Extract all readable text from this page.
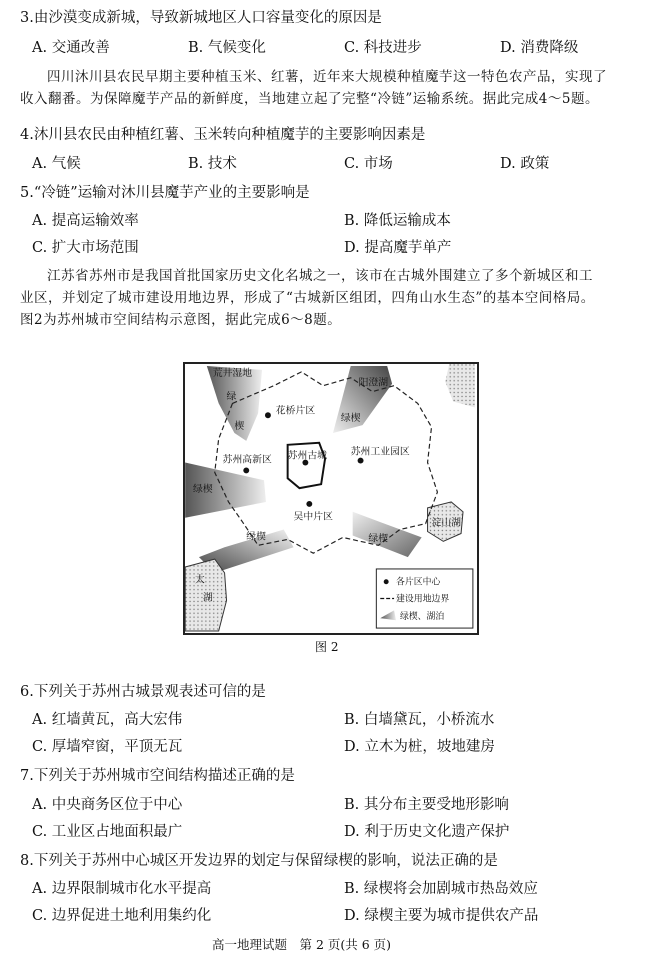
3.由沙漠变成新城，导致新城地区人口容量变化的原因是
A. 交通改善	B. 气候变化	C. 科技进步	D. 消费降级

四川沐川县农民早期主要种植玉米、红薯，近年来大规模种植魔芋这一特色农产品，实现了

收入翻番。为保障魔芋产品的新鲜度，当地建立起了完整“冷链”运输系统。据此完成4～5题。

4.沐川县农民由种植红薯、玉米转向种植魔芋的主要影响因素是
A. 气候	B. 技术	C. 市场	D. 政策
5.“冷链”运输对沐川县魔芋产业的主要影响是
A. 提高运输效率	B. 降低运输成本
C. 扩大市场范围	D. 提高魔芋单产

江苏省苏州市是我国首批国家历史文化名城之一，该市在古城外围建立了多个新城区和工

业区，并划定了城市建设用地边界，形成了“古城新区组团，四角山水生态”的基本空间格局。

图2为苏州城市空间结构示意图，据此完成6～8题。

荒井湿地
绿
楔
阳澄湖
花桥片区
绿楔
苏州高新区 苏州古城 苏州工业园区
绿楔
吴中片区
绿楔	绿楔
太
湖
淀山湖
各片区中心
建设用地边界
绿楔、湖泊
图 2
6.下列关于苏州古城景观表述可信的是
A. 红墙黄瓦，高大宏伟	B. 白墙黛瓦，小桥流水
C. 厚墙窄窗，平顶无瓦	D. 立木为桩，坡地建房
7.下列关于苏州城市空间结构描述正确的是
A. 中央商务区位于中心	B. 其分布主要受地形影响
C. 工业区占地面积最广	D. 利于历史文化遗产保护
8.下列关于苏州中心城区开发边界的划定与保留绿楔的影响，说法正确的是
A. 边界限制城市化水平提高	B. 绿楔将会加剧城市热岛效应
C. 边界促进土地利用集约化	D. 绿楔主要为城市提供农产品
高一地理试题　第 2 页(共 6 页)
